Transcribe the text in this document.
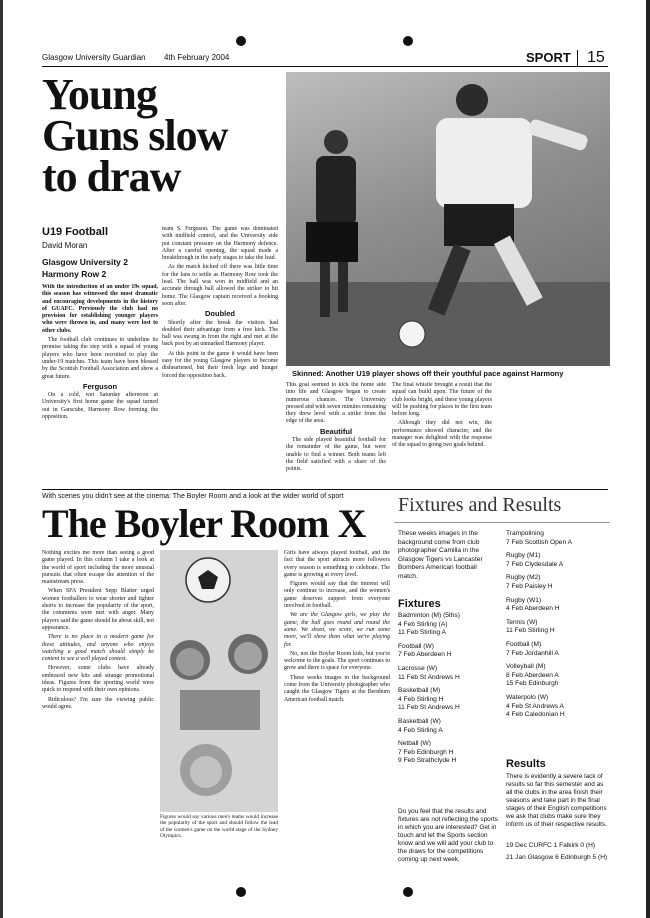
Glasgow University Guardian 4th February 2004	SPORT 15
Young
Guns slow
to draw
Skinned: Another U19 player shows off their youthful pace against Harmony
U19 Football
David Moran
Glasgow University 2
Harmony Row 2

With the introduction of an under 19s squad, this season has witnessed the most dramatic and encouraging developments in the history of GUAFC. Previously the club had no provision for establishing younger players who were thrown in, and many were lost to other clubs.

The football club continues to underline its promise taking the step with a squad of young players who have been recruited to play the under-19 matches. This team have been blessed by the Scottish Football Association and show a great future.

Ferguson

On a cold, wet Saturday afternoon at University's first home game the squad turned out in Garscube, Harmony Row forming the opposition.

team S. Ferguson. The game was dominated with midfield control, and the University side put constant pressure on the Harmony defence. After a careful opening, the squad made a breakthrough in the early stages to take the lead.

As the match kicked off there was little time for the fans to settle as Harmony Row took the lead. The ball was won in midfield and an accurate through ball allowed the striker to hit home. The Glasgow captain received a booking soon after.

Doubled

Shortly after the break the visitors had doubled their advantage from a free kick. The ball was swung in from the right and met at the back post by an unmarked Harmony player.

At this point in the game it would have been easy for the young Glasgow players to become disheartened, but their fresh legs and hunger forced the opposition back.

This goal seemed to kick the home side into life and Glasgow began to create numerous chances. The University pressed and with seven minutes remaining they drew level with a strike from the edge of the area.

Beautiful

The side played beautiful football for the remainder of the game, but were unable to find a winner. Both teams left the field satisfied with a share of the points.

The final whistle brought a result that the squad can build upon. The future of the club looks bright, and these young players will be pushing for places in the first team before long.

Although they did not win, the performance showed character, and the manager was delighted with the response of the squad to going two goals behind.

With scenes you didn't see at the cinema: The Boyler Room and a look at the wider world of sport
The Boyler Room X

Nothing excites me more than seeing a good game played. In this column I take a look at the world of sport including the more unusual pursuits that often escape the attention of the mainstream press.

When SFA President Sepp Blatter urged women footballers to wear shorter and tighter shorts to increase the popularity of the sport, the comments were met with anger. Many players said the game should be about skill, not appearance.

There is no place in a modern game for these attitudes, and anyone who enjoys watching a good match should simply be content to see a well played contest.

However, some clubs have already embraced new kits and strange promotional ideas. Figures from the sporting world were quick to respond with their own opinions.

Ridiculous? I'm sure the viewing public would agree.

Figures would say various men's teams would increase the popularity of the sport and should follow the lead of the women's game on the world stage of the Sydney Olympics.

Girls have always played football, and the fact that the sport attracts more followers every season is something to celebrate. The game is growing at every level.

Figures would say that the interest will only continue to increase, and the women's game deserves support from everyone involved in football.

We are the Glasgow girls, we play the game, the ball goes round and round the same. We shoot, we score, we run some more, we'll show them what we're playing for.

No, not the Boyler Room kids, but you're welcome to the goals. The sport continues to grow and there is space for everyone.

These weeks images in the background come from the University photographer who caught the Glasgow Tigers at the Bernburn American football match.

Fixtures and Results
These weeks images in the background come from club photographer Camilla in the Glasgow Tigers vs Lancaster Bombers American football match.
Fixtures
Badminton (M) (5ths)
4 Feb Stirling (A)
11 Feb Stirling A
Football (W)
7 Feb Aberdeen H
Lacrosse (W)
11 Feb St Andrews H
Basketball (M)
4 Feb Stirling H
11 Feb St Andrews H
Basketball (W)
4 Feb Stirling A
Netball (W)
7 Feb Edinburgh H
9 Feb Strathclyde H
Do you feel that the results and fixtures are not reflecting the sports in which you are interested? Get in touch and let the Sports section know and we will add your club to the draws for the competitions coming up next week.
Trampolining
7 Feb Scottish Open A
Rugby (M1)
7 Feb Clydesdale A
Rugby (M2)
7 Feb Paisley H
Rugby (W1)
4 Feb Aberdeen H
Tennis (W)
11 Feb Stirling H
Football (M)
7 Feb Jordanhill A
Volleyball (M)
8 Feb Aberdeen A
15 Feb Edinburgh
Waterpolo (W)
4 Feb St Andrews A
4 Feb Caledonian H
Results
There is evidently a severe lack of results so far this semester and as all the clubs in the area finish their seasons and take part in the final stages of their English competitions we ask that clubs make sure they inform us of their respective results.
19 Dec CURFC 1 Falkirk 0 (H)
21 Jan Glasgow 6 Edinburgh 5 (H)
